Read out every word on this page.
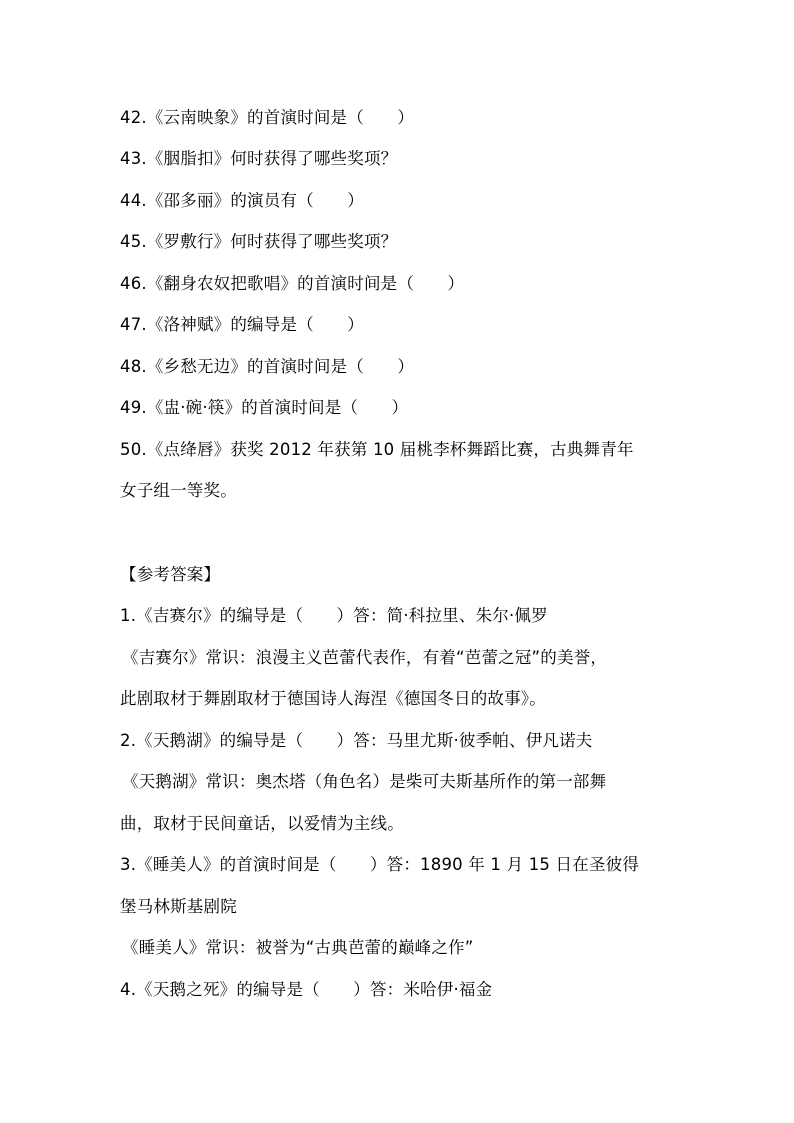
42.《云南映象》的首演时间是（　　）
43.《胭脂扣》何时获得了哪些奖项？
44.《邵多丽》的演员有（　　）
45.《罗敷行》何时获得了哪些奖项？
46.《翻身农奴把歌唱》的首演时间是（　　）
47.《洛神赋》的编导是（　　）
48.《乡愁无边》的首演时间是（　　）
49.《盅·碗·筷》的首演时间是（　　）
50.《点绛唇》获奖 2012 年获第 10 届桃李杯舞蹈比赛，古典舞青年
女子组一等奖。
【参考答案】
1.《吉赛尔》的编导是（　　）答：简·科拉里、朱尔·佩罗
《吉赛尔》常识：浪漫主义芭蕾代表作，有着“芭蕾之冠”的美誉，
此剧取材于舞剧取材于德国诗人海涅《德国冬日的故事》。
2.《天鹅湖》的编导是（　　）答：马里尤斯·彼季帕、伊凡诺夫
《天鹅湖》常识：奥杰塔（角色名）是柴可夫斯基所作的第一部舞
曲，取材于民间童话，以爱情为主线。
3.《睡美人》的首演时间是（　　）答：1890 年 1 月 15 日在圣彼得
堡马林斯基剧院
《睡美人》常识：被誉为“古典芭蕾的巅峰之作”
4.《天鹅之死》的编导是（　　）答：米哈伊·福金
